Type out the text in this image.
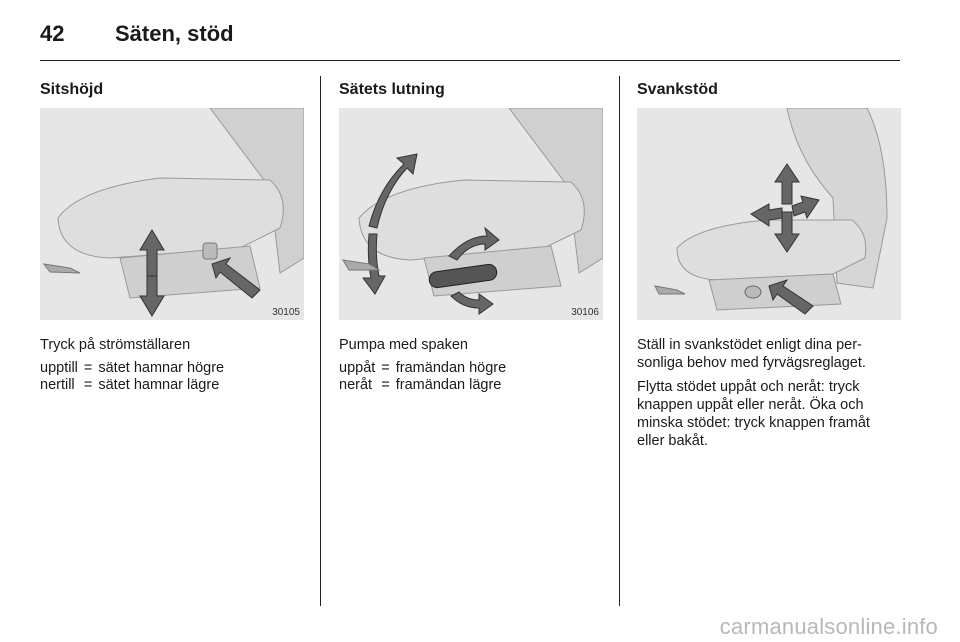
42	Säten, stöd
Sitshöjd
30105

Tryck på strömställaren

upptill	=	sätet hamnar högre
nertill	=	sätet hamnar lägre
Sätets lutning
30106

Pumpa med spaken

uppåt	=	framändan högre
neråt	=	framändan lägre
Svankstöd

Ställ in svankstödet enligt dina per-sonliga behov med fyrvägsreglaget.

Flytta stödet uppåt och neråt: tryck knappen uppåt eller neråt. Öka och minska stödet: tryck knappen framåt eller bakåt.

carmanualsonline.info
